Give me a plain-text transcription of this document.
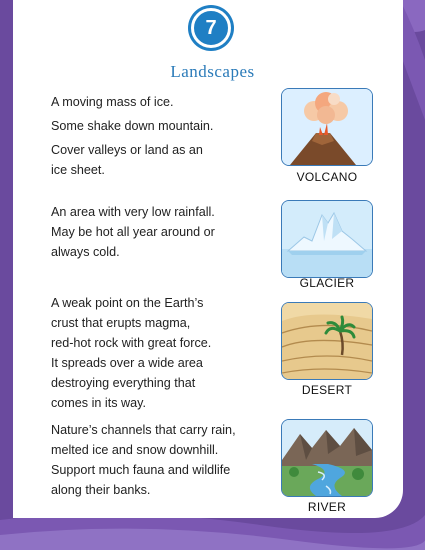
7
Landscapes

A moving mass of ice.

Some shake down mountain.

Cover valleys or land as an

ice sheet.

An area with very low rainfall.

May be hot all year around or

always cold.

A weak point on the Earth’s

crust that erupts magma,

red-hot rock with great force.

It spreads over a wide area

destroying everything that

comes in its way.

Nature’s channels that carry rain,

melted ice and snow downhill.

Support much fauna and wildlife

along their banks.

VOLCANO
GLACIER
DESERT
RIVER
